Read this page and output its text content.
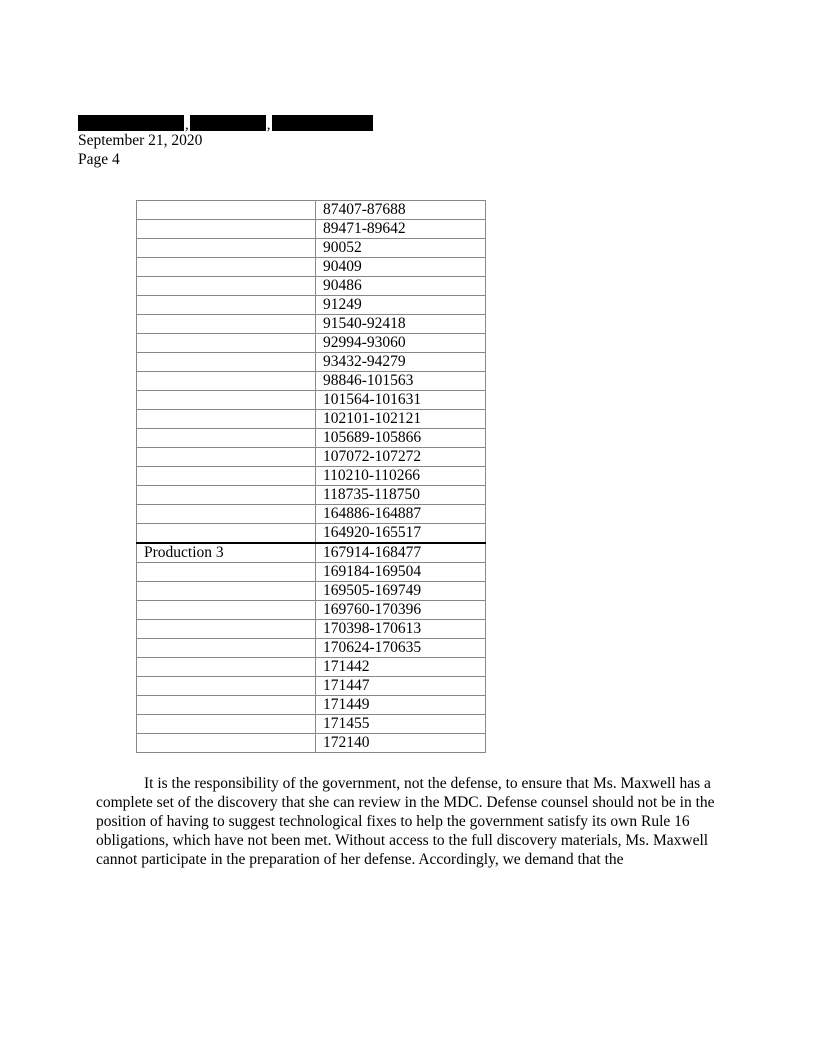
,	,
September 21, 2020
Page 4
	87407-87688
	89471-89642
	90052
	90409
	90486
	91249
	91540-92418
	92994-93060
	93432-94279
	98846-101563
	101564-101631
	102101-102121
	105689-105866
	107072-107272
	110210-110266
	118735-118750
	164886-164887
	164920-165517
Production 3	167914-168477
	169184-169504
	169505-169749
	169760-170396
	170398-170613
	170624-170635
	171442
	171447
	171449
	171455
	172140

It is the responsibility of the government, not the defense, to ensure that Ms. Maxwell has a complete set of the discovery that she can review in the MDC. Defense counsel should not be in the position of having to suggest technological fixes to help the government satisfy its own Rule 16 obligations, which have not been met. Without access to the full discovery materials, Ms. Maxwell cannot participate in the preparation of her defense. Accordingly, we demand that the
